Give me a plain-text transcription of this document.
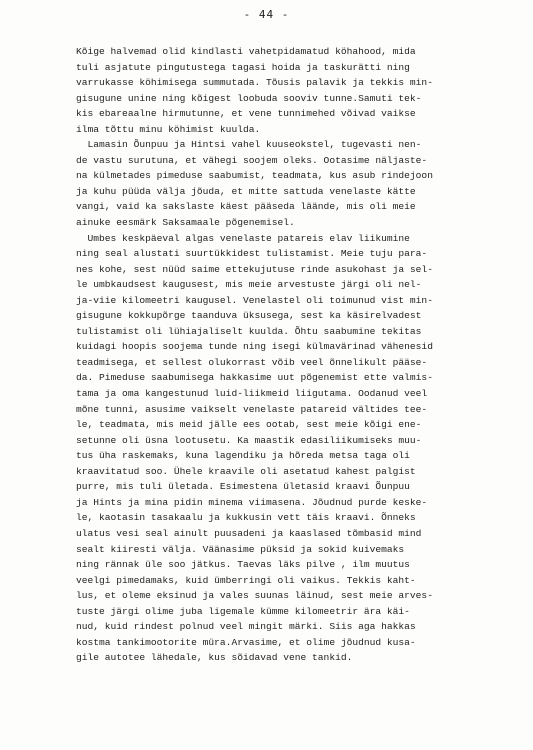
- 44 -
Kõige halvemad olid kindlasti vahetpidamatud köhahood, mida
tuli asjatute pingutustega tagasi hoida ja taskurätti ning
varrukasse köhimisega summutada. Tõusis palavik ja tekkis min-
gisugune unine ning kõigest loobuda sooviv tunne.Samuti tek-
kis ebareaalne hirmutunne, et vene tunnimehed võivad vaikse
ilma tõttu minu köhimist kuulda.
Lamasin Õunpuu ja Hintsi vahel kuuseokstel, tugevasti nen-
de vastu surutuna, et vähegi soojem oleks. Ootasime näljaste-
na külmetades pimeduse saabumist, teadmata, kus asub rindejoon
ja kuhu püüda välja jõuda, et mitte sattuda venelaste kätte
vangi, vaid ka sakslaste käest pääseda läände, mis oli meie
ainuke eesmärk Saksamaale põgenemisel.
Umbes keskpäeval algas venelaste patareis elav liikumine
ning seal alustati suurtükkidest tulistamist. Meie tuju para-
nes kohe, sest nüüd saime ettekujutuse rinde asukohast ja sel-
le umbkaudsest kaugusest, mis meie arvestuste järgi oli nel-
ja-viie kilomeetri kaugusel. Venelastel oli toimunud vist min-
gisugune kokkupõrge taanduva üksusega, sest ka käsirelvadest
tulistamist oli lühiajaliselt kuulda. Õhtu saabumine tekitas
kuidagi hoopis soojema tunde ning isegi külmavärinad vähenesid
teadmisega, et sellest olukorrast võib veel õnnelikult pääse-
da. Pimeduse saabumisega hakkasime uut põgenemist ette valmis-
tama ja oma kangestunud luid-liikmeid liigutama. Oodanud veel
mõne tunni, asusime vaikselt venelaste patareid vältides tee-
le, teadmata, mis meid jälle ees ootab, sest meie kõigi ene-
setunne oli üsna lootusetu. Ka maastik edasiliikumiseks muu-
tus üha raskemaks, kuna lagendiku ja hõreda metsa taga oli
kraavitatud soo. Ühele kraavile oli asetatud kahest palgist
purre, mis tuli ületada. Esimestena ületasid kraavi Õunpuu
ja Hints ja mina pidin minema viimasena. Jõudnud purde keske-
le, kaotasin tasakaalu ja kukkusin vett täis kraavi. Õnneks
ulatus vesi seal ainult puusadeni ja kaaslased tõmbasid mind
sealt kiiresti välja. Väänasime püksid ja sokid kuivemaks
ning rännak üle soo jätkus. Taevas läks pilve , ilm muutus
veelgi pimedamaks, kuid ümberringi oli vaikus. Tekkis kaht-
lus, et oleme eksinud ja vales suunas läinud, sest meie arves-
tuste järgi olime juba ligemale kümme kilomeetrir ära käi-
nud, kuid rindest polnud veel mingit märki. Siis aga hakkas
kostma tankimootorite müra.Arvasime, et olime jõudnud kusa-
gile autotee lähedale, kus sõidavad vene tankid.
